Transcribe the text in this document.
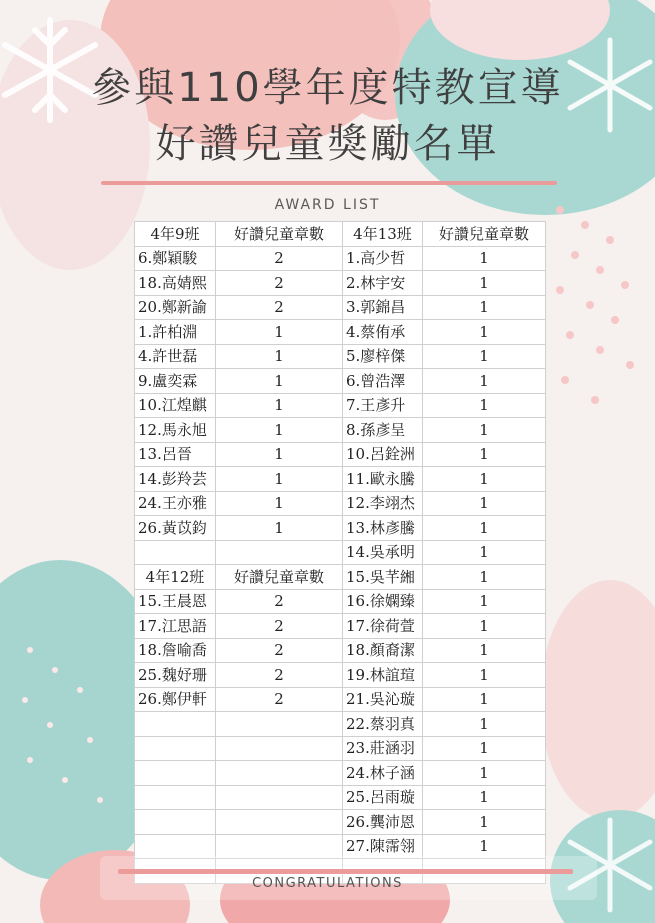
參與110學年度特教宣導
好讚兒童獎勵名單
AWARD LIST
4年9班	好讚兒童章數	4年13班	好讚兒童章數
6.鄭穎駿	2	1.高少哲	1
18.高婧熙	2	2.林宇安	1
20.鄭新諭	2	3.郭錦昌	1
1.許柏淵	1	4.蔡侑承	1
4.許世磊	1	5.廖梓傑	1
9.盧奕霖	1	6.曾浩澤	1
10.江煌麒	1	7.王彥升	1
12.馬永旭	1	8.孫彥呈	1
13.呂晉	1	10.呂銓洲	1
14.彭羚芸	1	11.歐永騰	1
24.王亦雅	1	12.李翊杰	1
26.黃苡鈞	1	13.林彥騰	1
		14.吳承明	1
4年12班	好讚兒童章數	15.吳芊緗	1
15.王晨恩	2	16.徐嫻臻	1
17.江思語	2	17.徐荷萱	1
18.詹喻喬	2	18.顏裔潔	1
25.魏妤珊	2	19.林誼瑄	1
26.鄭伊軒	2	21.吳沁璇	1
		22.蔡羽真	1
		23.莊涵羽	1
		24.林子涵	1
		25.呂雨璇	1
		26.龔沛恩	1
		27.陳霈翎	1

CONGRATULATIONS
